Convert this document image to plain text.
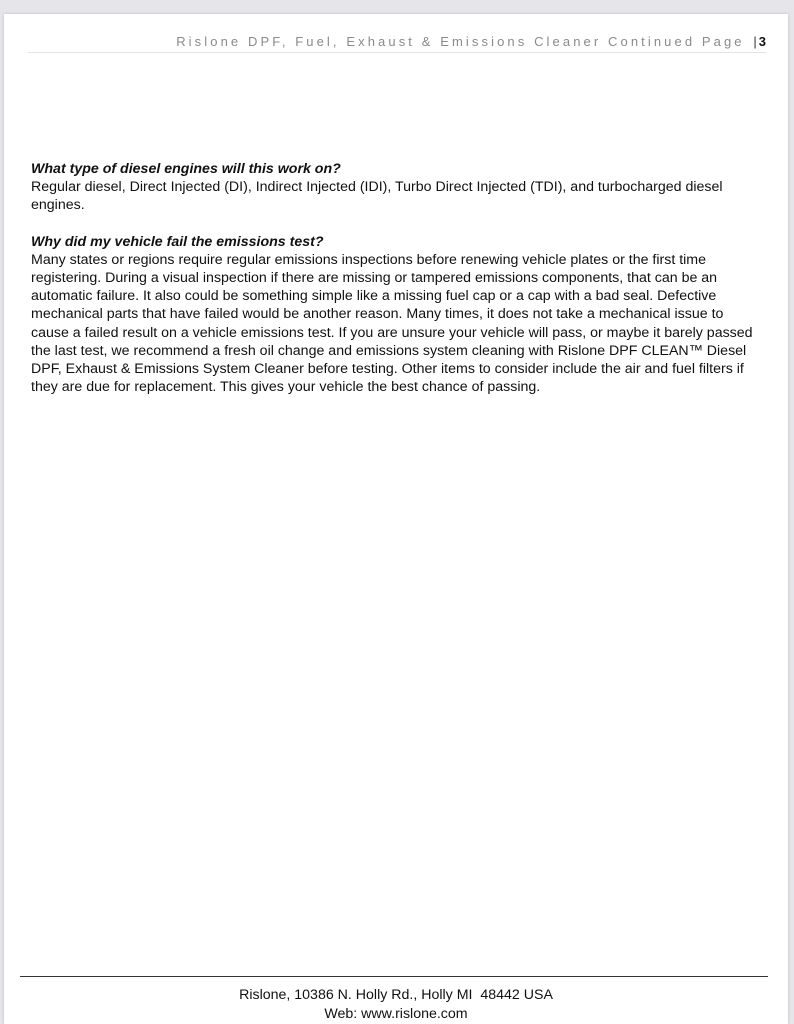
Rislone DPF, Fuel, Exhaust & Emissions Cleaner Continued Page | 3
What type of diesel engines will this work on?

Regular diesel, Direct Injected (DI), Indirect Injected (IDI), Turbo Direct Injected (TDI), and turbocharged diesel engines.

Why did my vehicle fail the emissions test?

Many states or regions require regular emissions inspections before renewing vehicle plates or the first time registering. During a visual inspection if there are missing or tampered emissions components, that can be an automatic failure. It also could be something simple like a missing fuel cap or a cap with a bad seal. Defective mechanical parts that have failed would be another reason. Many times, it does not take a mechanical issue to cause a failed result on a vehicle emissions test. If you are unsure your vehicle will pass, or maybe it barely passed the last test, we recommend a fresh oil change and emissions system cleaning with Rislone DPF CLEAN™ Diesel DPF, Exhaust & Emissions System Cleaner before testing. Other items to consider include the air and fuel filters if they are due for replacement. This gives your vehicle the best chance of passing.

Rislone, 10386 N. Holly Rd., Holly MI  48442 USA
Web: www.rislone.com
